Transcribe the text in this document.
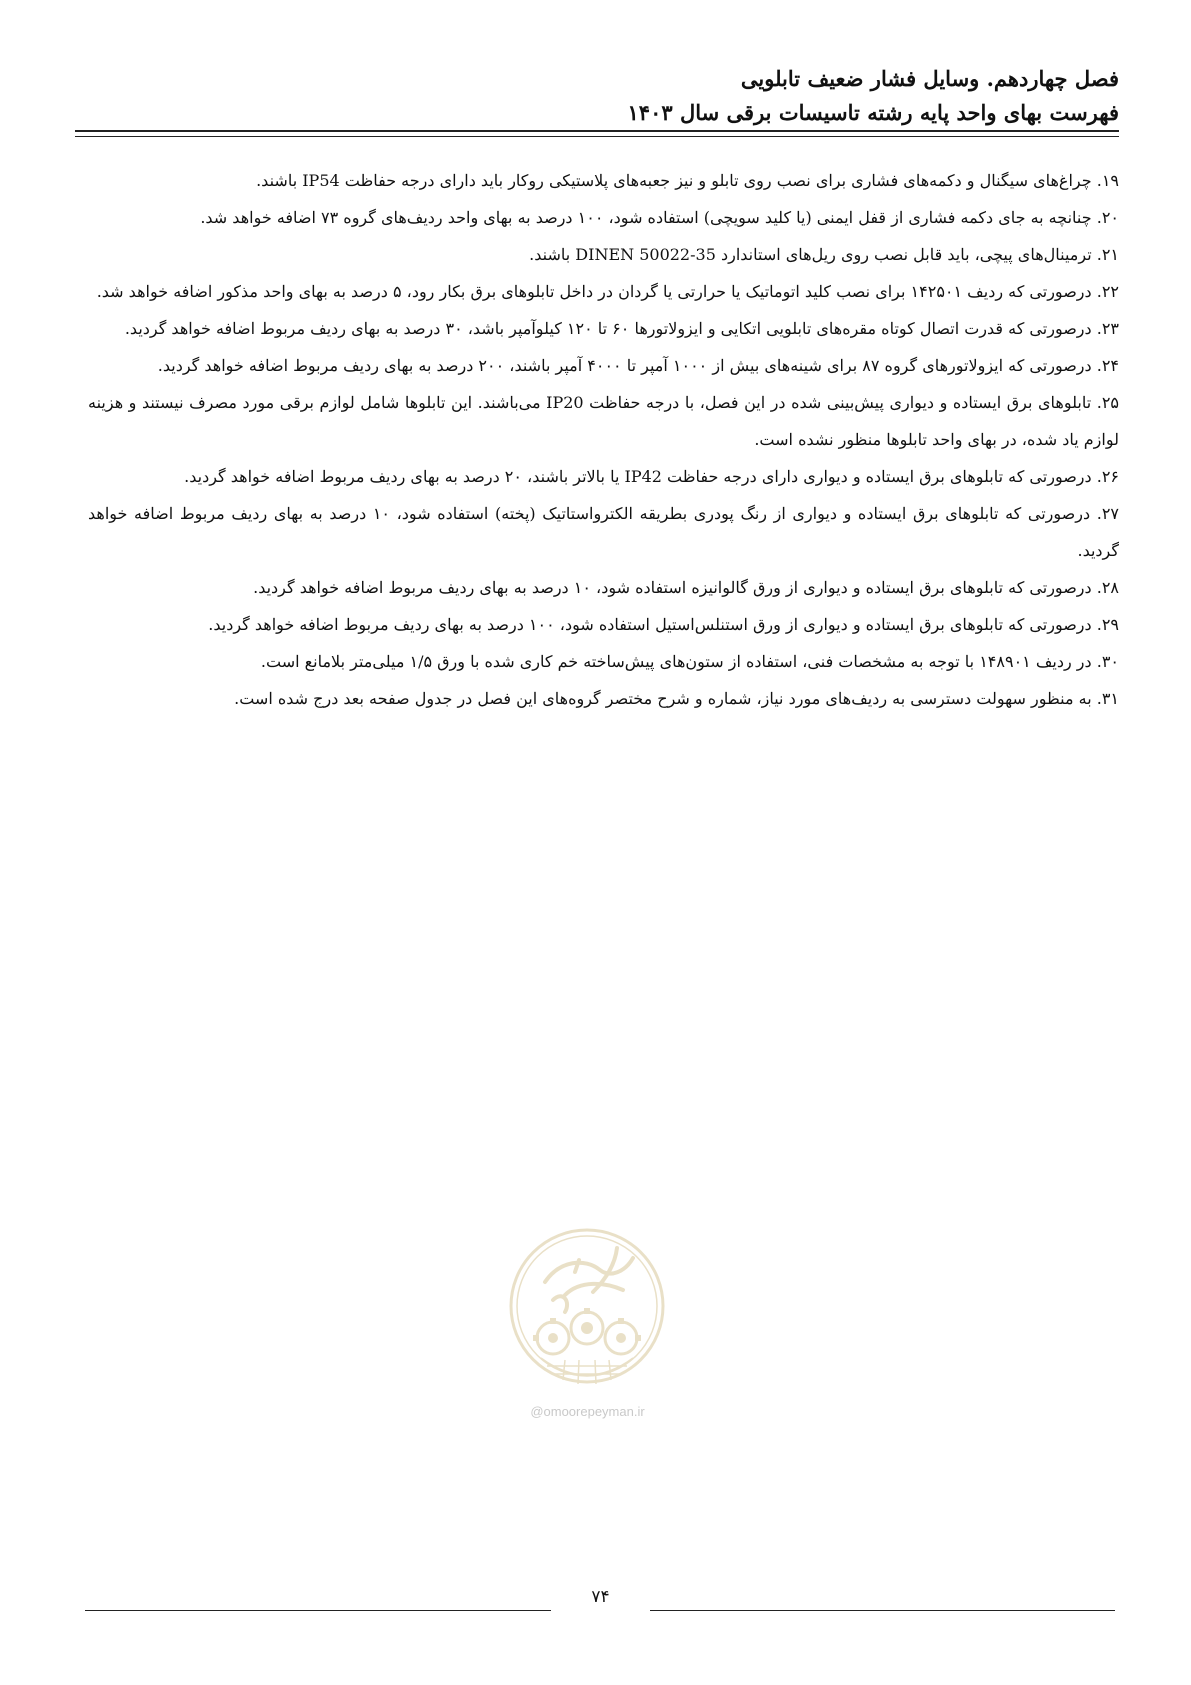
فصل چهاردهم. وسایل فشار ضعیف تابلویی
فهرست بهای واحد پایه رشته تاسیسات برقی سال ۱۴۰۳

۱۹. چراغ‌های سیگنال و دکمه‌های فشاری برای نصب روی تابلو و نیز جعبه‌های پلاستیکی روکار باید دارای درجه حفاظت IP54 باشند.

۲۰. چنانچه به جای دکمه فشاری از قفل ایمنی (یا کلید سویچی) استفاده شود، ۱۰۰ درصد به بهای واحد ردیف‌های گروه ۷۳ اضافه خواهد شد.

۲۱. ترمینال‌های پیچی، باید قابل نصب روی ریل‌های استاندارد DINEN 50022-35 باشند.

۲۲. درصورتی که ردیف ۱۴۲۵۰۱ برای نصب کلید اتوماتیک یا حرارتی یا گردان در داخل تابلوهای برق بکار رود، ۵ درصد به بهای واحد مذکور اضافه خواهد شد.

۲۳. درصورتی که قدرت اتصال کوتاه مقره‌های تابلویی اتکایی و ایزولاتورها ۶۰ تا ۱۲۰ کیلوآمپر باشد، ۳۰ درصد به بهای ردیف مربوط اضافه خواهد گردید.

۲۴. درصورتی که ایزولاتورهای گروه ۸۷ برای شینه‌های بیش از ۱۰۰۰ آمپر تا ۴۰۰۰ آمپر باشند، ۲۰۰ درصد به بهای ردیف مربوط اضافه خواهد گردید.

۲۵. تابلوهای برق ایستاده و دیواری پیش‌بینی شده در این فصل، با درجه حفاظت IP20 می‌باشند. این تابلوها شامل لوازم برقی مورد مصرف نیستند و هزینه لوازم یاد شده، در بهای واحد تابلوها منظور نشده است.

۲۶. درصورتی که تابلوهای برق ایستاده و دیواری دارای درجه حفاظت IP42 یا بالاتر باشند، ۲۰ درصد به بهای ردیف مربوط اضافه خواهد گردید.

۲۷. درصورتی که تابلوهای برق ایستاده و دیواری از رنگ پودری بطریقه الکترواستاتیک (پخته) استفاده شود، ۱۰ درصد به بهای ردیف مربوط اضافه خواهد گردید.

۲۸. درصورتی که تابلوهای برق ایستاده و دیواری از ورق گالوانیزه استفاده شود، ۱۰ درصد به بهای ردیف مربوط اضافه خواهد گردید.

۲۹. درصورتی که تابلوهای برق ایستاده و دیواری از ورق استنلس‌استیل استفاده شود، ۱۰۰ درصد به بهای ردیف مربوط اضافه خواهد گردید.

۳۰. در ردیف ۱۴۸۹۰۱ با توجه به مشخصات فنی، استفاده از ستون‌های پیش‌ساخته خم کاری شده با ورق ۱/۵ میلی‌متر بلامانع است.

۳۱. به منظور سهولت دسترسی به ردیف‌های مورد نیاز، شماره و شرح مختصر گروه‌های این فصل در جدول صفحه بعد درج شده است.

@omoorepeyman.ir
۷۴
